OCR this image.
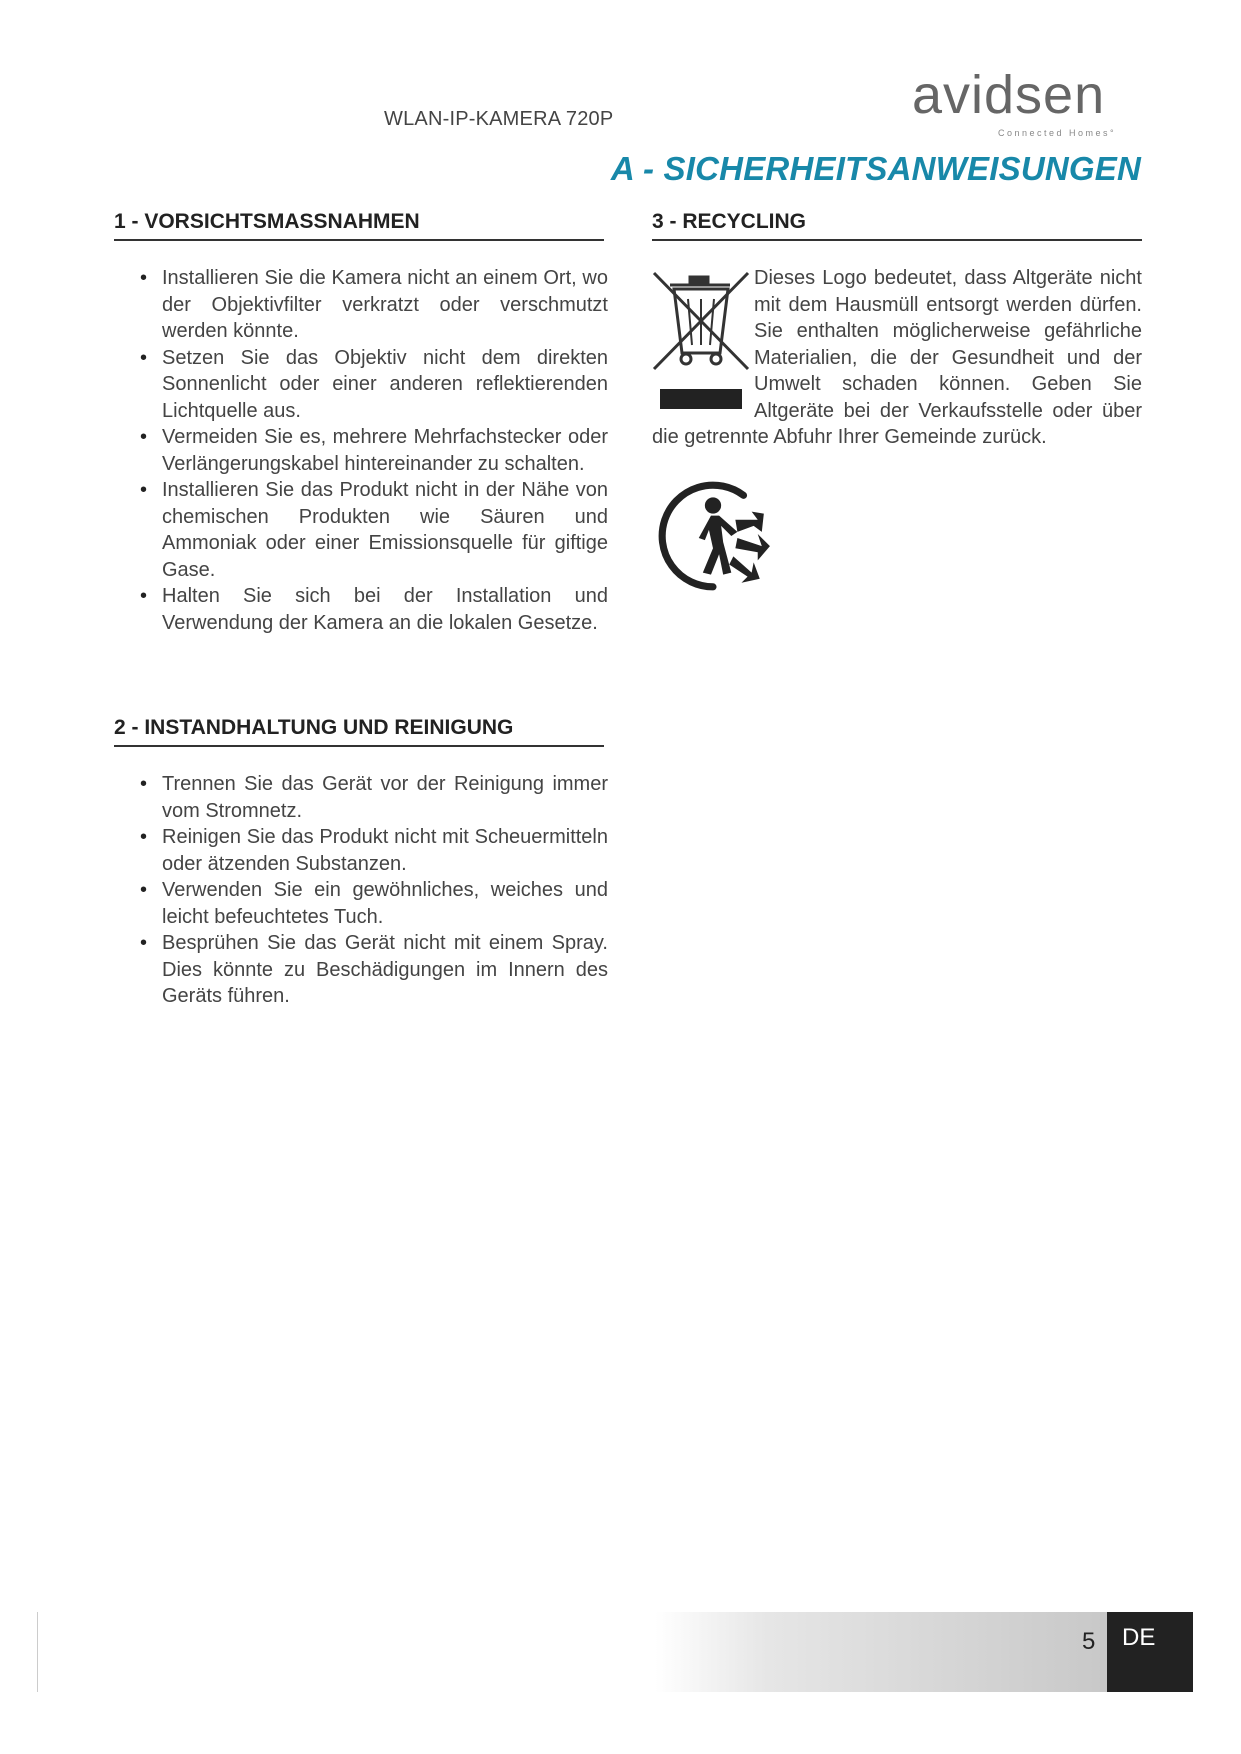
WLAN-IP-KAMERA 720P	avidsen
Connected Homes°
A - SICHERHEITSANWEISUNGEN
1 - VORSICHTSMASSNAHMEN
• Installieren Sie die Kamera nicht an einem Ort, wo der Objektivfilter verkratzt oder verschmutzt werden könnte.
• Setzen Sie das Objektiv nicht dem direkten Sonnenlicht oder einer anderen reflektierenden Lichtquelle aus.
• Vermeiden Sie es, mehrere Mehrfachstecker oder Verlängerungskabel hintereinander zu schalten.
• Installieren Sie das Produkt nicht in der Nähe von chemischen Produkten wie Säuren und Ammoniak oder einer Emissionsquelle für giftige Gase.
• Halten Sie sich bei der Installation und Verwendung der Kamera an die lokalen Gesetze.
2 - INSTANDHALTUNG UND REINIGUNG
• Trennen Sie das Gerät vor der Reinigung immer vom Stromnetz.
• Reinigen Sie das Produkt nicht mit Scheuermitteln oder ätzenden Substanzen.
• Verwenden Sie ein gewöhnliches, weiches und leicht befeuchtetes Tuch.
• Besprühen Sie das Gerät nicht mit einem Spray. Dies könnte zu Beschädigungen im Innern des Geräts führen.
3 - RECYCLING
Dieses Logo bedeutet, dass Altgeräte nicht mit dem Hausmüll entsorgt werden dürfen. Sie enthalten möglicherweise gefährliche Materialien, die der Gesundheit und der Umwelt schaden können. Geben Sie Altgeräte bei der Verkaufsstelle oder über die getrennte Abfuhr Ihrer Gemeinde zurück.
5 DE
